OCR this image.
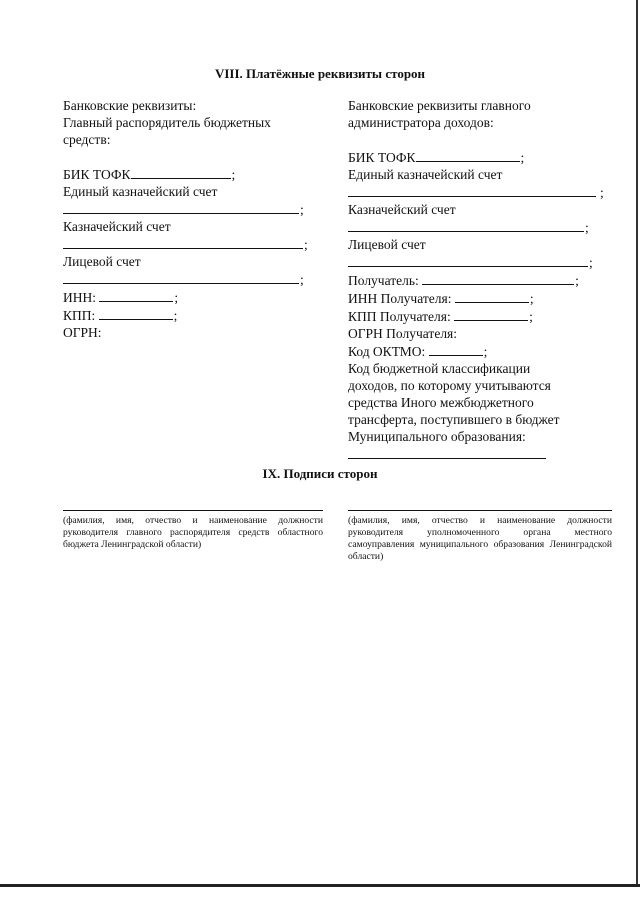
VIII. Платёжные реквизиты сторон
Банковские реквизиты:
Главный распорядитель бюджетных
средств:
БИК ТОФК	;
Единый казначейский счет
;
Казначейский счет
;
Лицевой счет
;
ИНН:	;
КПП:	;
ОГРН:
Банковские реквизиты главного
администратора доходов:
БИК ТОФК	;
Единый казначейский счет
;
Казначейский счет
;
Лицевой счет
;
Получатель:	;
ИНН Получателя:	;
КПП Получателя:	;
ОГРН Получателя:
Код ОКТМО:	;
Код бюджетной классификации
доходов, по которому учитываются
средства Иного межбюджетного
трансферта, поступившего в бюджет
Муниципального образования:
IX. Подписи сторон
(фамилия, имя, отчество и наименование должности руководителя главного распорядителя средств областного бюджета Ленинградской области)
(фамилия, имя, отчество и наименование должности руководителя уполномоченного органа местного самоуправления муниципального образования Ленинградской области)
